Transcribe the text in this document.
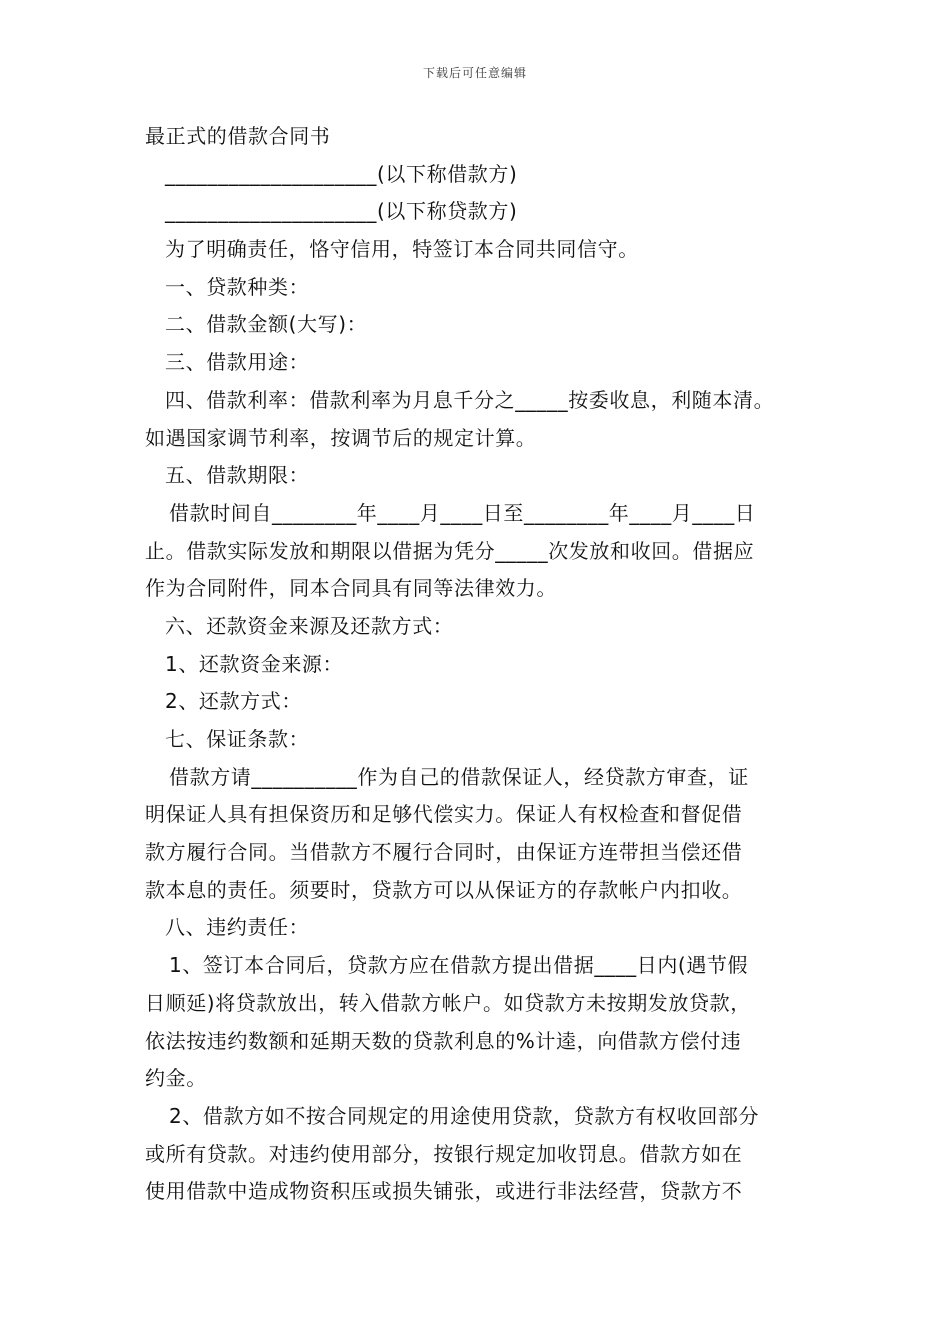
下载后可任意编辑
最正式的借款合同书
____________________(以下称借款方)
____________________(以下称贷款方)
为了明确责任，恪守信用，特签订本合同共同信守。
一、贷款种类：
二、借款金额(大写)：
三、借款用途：
四、借款利率：借款利率为月息千分之_____按委收息，利随本清。
如遇国家调节利率，按调节后的规定计算。
五、借款期限：
借款时间自________年____月____日至________年____月____日
止。借款实际发放和期限以借据为凭分_____次发放和收回。借据应
作为合同附件，同本合同具有同等法律效力。
六、还款资金来源及还款方式：
1、还款资金来源：
2、还款方式：
七、保证条款：
借款方请__________作为自己的借款保证人，经贷款方审查，证
明保证人具有担保资历和足够代偿实力。保证人有权检查和督促借
款方履行合同。当借款方不履行合同时，由保证方连带担当偿还借
款本息的责任。须要时，贷款方可以从保证方的存款帐户内扣收。
八、违约责任：
1、签订本合同后，贷款方应在借款方提出借据____日内(遇节假
日顺延)将贷款放出，转入借款方帐户。如贷款方未按期发放贷款，
依法按违约数额和延期天数的贷款利息的%计逵，向借款方偿付违
约金。
2、借款方如不按合同规定的用途使用贷款，贷款方有权收回部分
或所有贷款。对违约使用部分，按银行规定加收罚息。借款方如在
使用借款中造成物资积压或损失铺张，或进行非法经营，贷款方不
